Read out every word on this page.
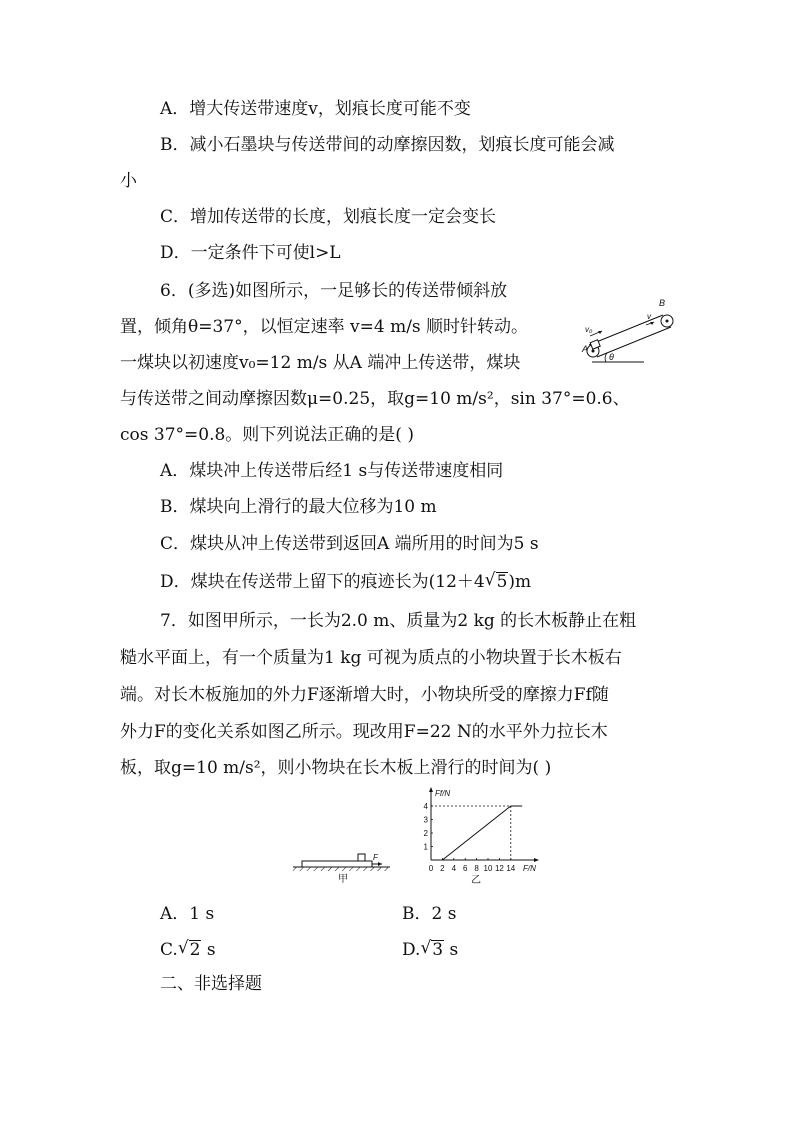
A．增大传送带速度v，划痕长度可能不变
B．减小石墨块与传送带间的动摩擦因数，划痕长度可能会减
小
C．增加传送带的长度，划痕长度一定会变长
D．一定条件下可使l>L
6．(多选)如图所示，一足够长的传送带倾斜放
置，倾角θ=37°，以恒定速率 v=4 m/s 顺时针转动。
一煤块以初速度v₀=12 m/s 从A 端冲上传送带，煤块
与传送带之间动摩擦因数μ=0.25，取g=10 m/s²，sin 37°=0.6、
cos 37°=0.8。则下列说法正确的是( )
B
A
v₀
θ
v
A．煤块冲上传送带后经1 s与传送带速度相同
B．煤块向上滑行的最大位移为10 m
C．煤块从冲上传送带到返回A 端所用的时间为5 s
D．煤块在传送带上留下的痕迹长为(12＋4√5)m
7．如图甲所示，一长为2.0 m、质量为2 kg 的长木板静止在粗
糙水平面上，有一个质量为1 kg 可视为质点的小物块置于长木板右
端。对长木板施加的外力F逐渐增大时，小物块所受的摩擦力Ff随
外力F的变化关系如图乙所示。现改用F=22 N的水平外力拉长木
板，取g=10 m/s²，则小物块在长木板上滑行的时间为( )
F
甲
Ff/N
F/N
0 2 4 6 8 10 12 14
1
2
3
4
乙
A．1 s	B．2 s
C.√2 s	D.√3 s
二、非选择题
